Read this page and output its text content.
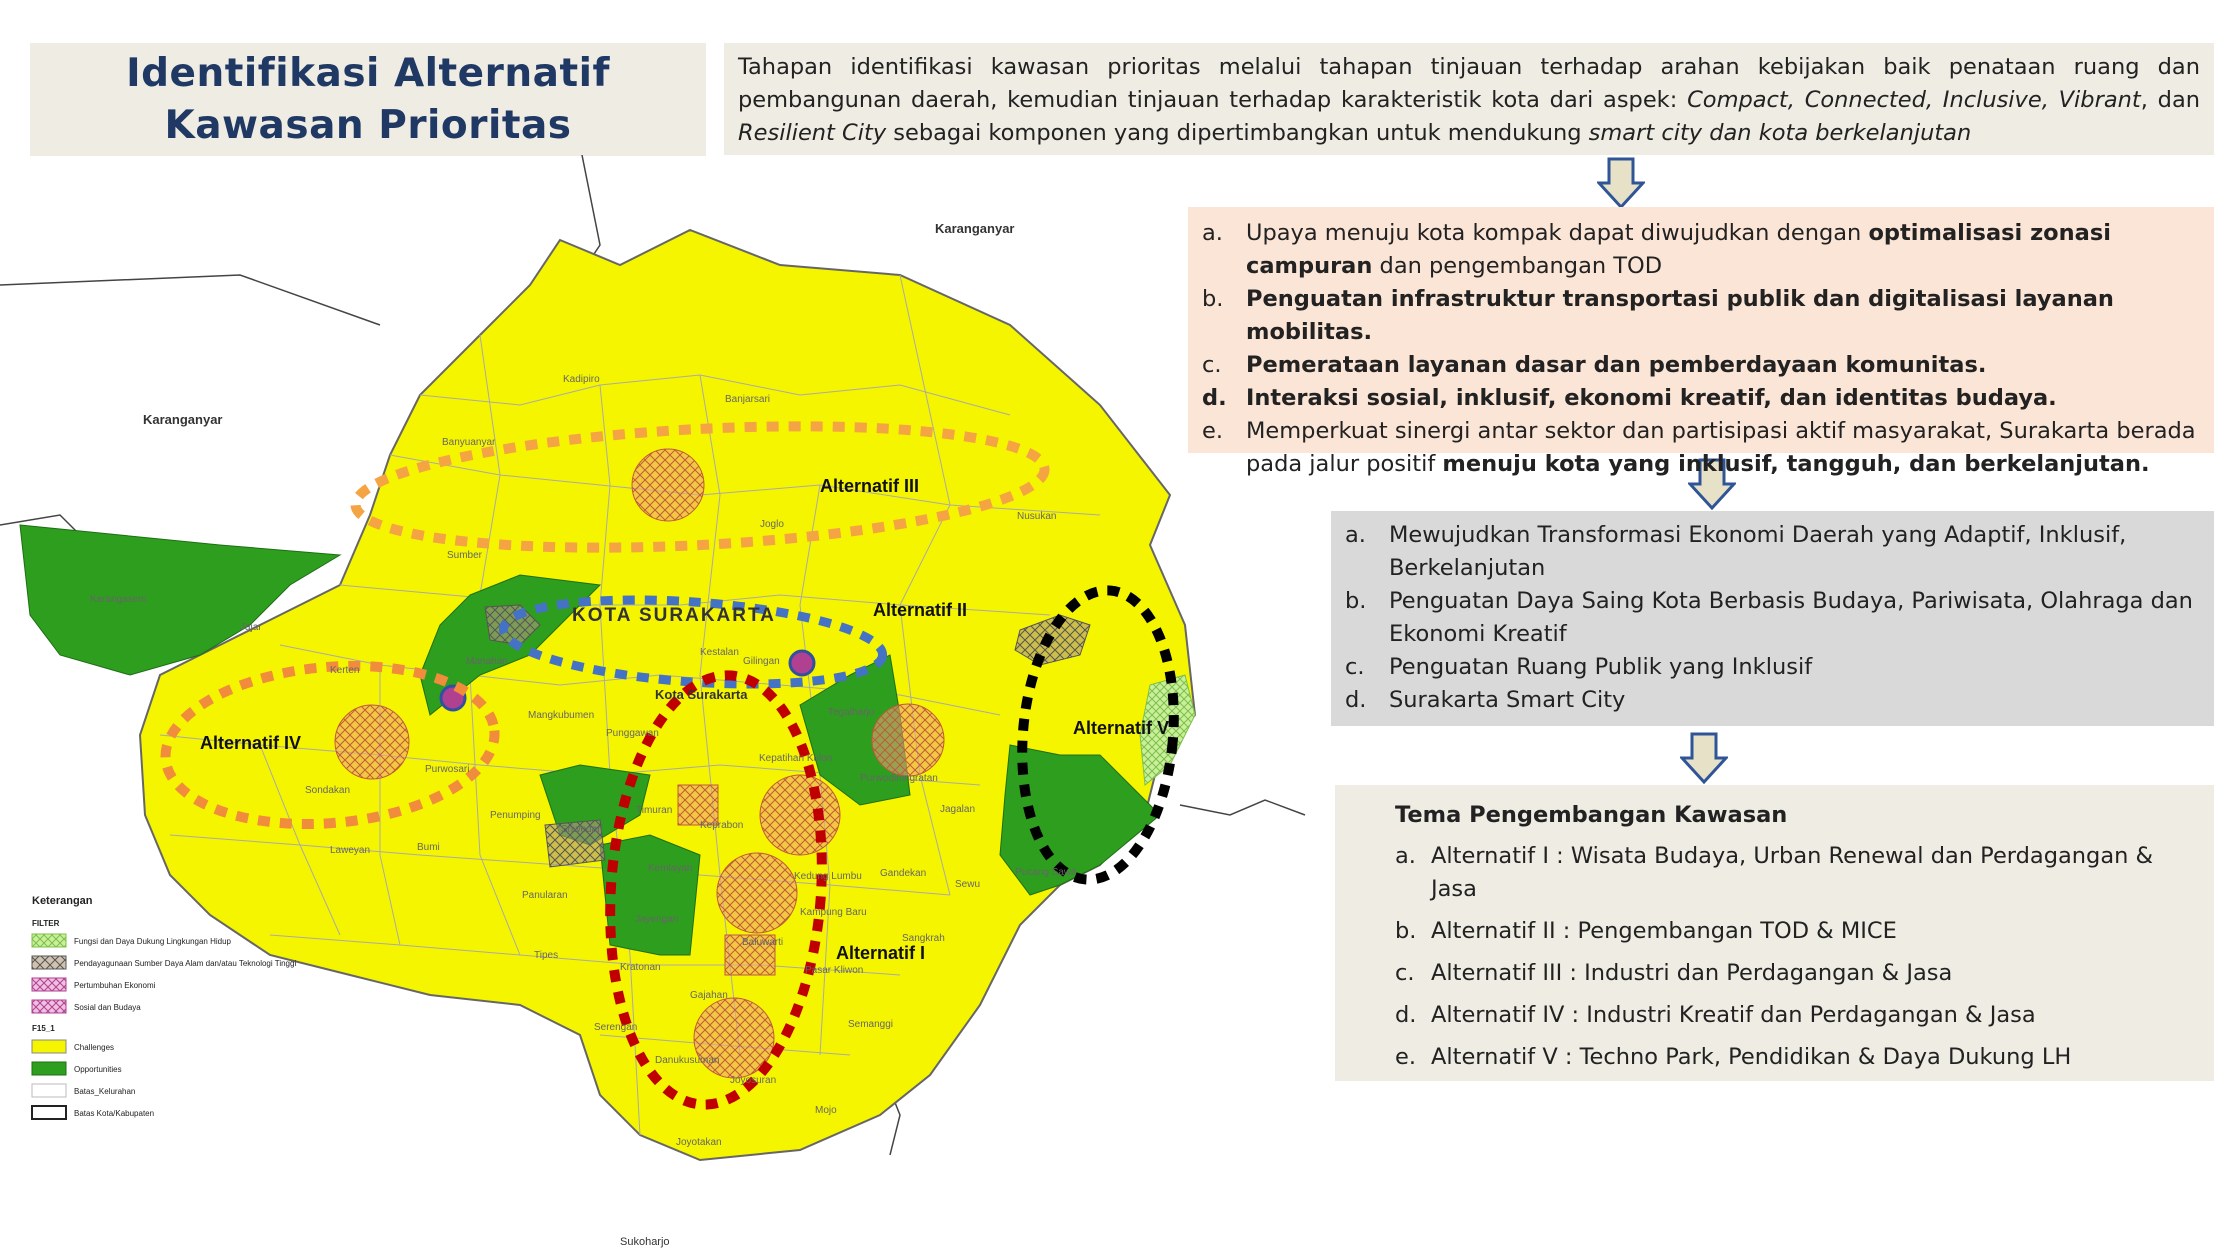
Identifikasi Alternatif
Kawasan Prioritas
Tahapan identifikasi kawasan prioritas melalui tahapan tinjauan terhadap arahan kebijakan baik penataan ruang dan pembangunan daerah, kemudian tinjauan terhadap karakteristik kota dari aspek: Compact, Connected, Inclusive, Vibrant, dan Resilient City sebagai komponen yang dipertimbangkan untuk mendukung smart city dan kota berkelanjutan
a.	Upaya menuju kota kompak dapat diwujudkan dengan optimalisasi zonasi campuran dan pengembangan TOD
b.	Penguatan infrastruktur transportasi publik dan digitalisasi layanan mobilitas.
c.	Pemerataan layanan dasar dan pemberdayaan komunitas.
d. Interaksi sosial, inklusif, ekonomi kreatif, dan identitas budaya.
e.	Memperkuat sinergi antar sektor dan partisipasi aktif masyarakat, Surakarta berada pada jalur positif menuju kota yang inklusif, tangguh, dan berkelanjutan.
a.	Mewujudkan Transformasi Ekonomi Daerah yang Adaptif, Inklusif, Berkelanjutan
b.	Penguatan Daya Saing Kota Berbasis Budaya, Pariwisata, Olahraga dan Ekonomi Kreatif
c.	Penguatan Ruang Publik yang Inklusif
d.	Surakarta Smart City
Tema Pengembangan Kawasan
a. Alternatif I : Wisata Budaya, Urban Renewal dan Perdagangan & Jasa
b. Alternatif II : Pengembangan TOD & MICE
c. Alternatif III : Industri dan Perdagangan & Jasa
d. Alternatif IV : Industri Kreatif dan Perdagangan & Jasa
e. Alternatif V : Techno Park, Pendidikan & Daya Dukung LH
Karanganyar
Karanganyar
KOTA SURAKARTA
Kota Surakarta
Sukoharjo
Kadipiro
Banjarsari
Banyuanyar
Sumber
Joglo
Nusukan
Kestalan
Gilingan
Karangasem
Jajar
Kerten
Manahan
Mangkubumen
Punggawan
Tegalharjo
Purwosari
Sondakan
Laweyan	Bumi
Penumping
Sriwedari
Timuran
Kepatihan Kulon
Purwodiningratan
Jagalan
Keprabon
Kedung Lumbu Gandekan
Sewu
Panularan
Kemlayan
Jayengan
Tipes
Kratonan
Baluwarti	Sangkrah
Pasar Kliwon
Gajahan
Serengan
Danukusuman
Joyosuran
Semanggi
Mojo
Joyotakan
Pucang Sawit
Kampung Baru
Alternatif III
Alternatif II
Alternatif IV
Alternatif V
Alternatif I
Keterangan
FILTER
Fungsi dan Daya Dukung Lingkungan Hidup
Pendayagunaan Sumber Daya Alam dan/atau Teknologi Tinggi
Pertumbuhan Ekonomi
Sosial dan Budaya
F15_1
Challenges
Opportunities
Batas_Kelurahan
Batas Kota/Kabupaten
